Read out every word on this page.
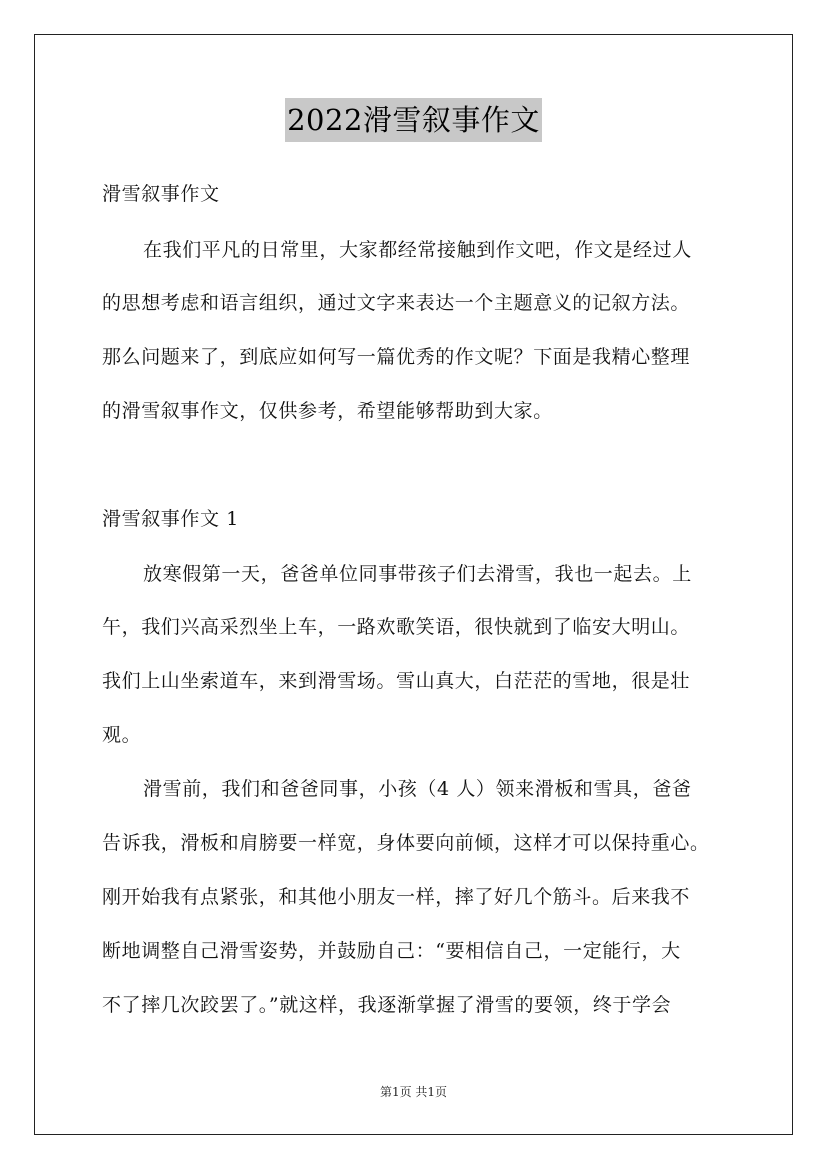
2022滑雪叙事作文
滑雪叙事作文
在我们平凡的日常里，大家都经常接触到作文吧，作文是经过人
的思想考虑和语言组织，通过文字来表达一个主题意义的记叙方法。
那么问题来了，到底应如何写一篇优秀的作文呢？下面是我精心整理
的滑雪叙事作文，仅供参考，希望能够帮助到大家。
滑雪叙事作文 1
放寒假第一天，爸爸单位同事带孩子们去滑雪，我也一起去。上
午，我们兴高采烈坐上车，一路欢歌笑语，很快就到了临安大明山。
我们上山坐索道车，来到滑雪场。雪山真大，白茫茫的雪地，很是壮
观。
滑雪前，我们和爸爸同事，小孩（4 人）领来滑板和雪具，爸爸
告诉我，滑板和肩膀要一样宽，身体要向前倾，这样才可以保持重心。
刚开始我有点紧张，和其他小朋友一样，摔了好几个筋斗。后来我不
断地调整自己滑雪姿势，并鼓励自己：“要相信自己，一定能行，大
不了摔几次跤罢了。”就这样，我逐渐掌握了滑雪的要领，终于学会
第1页 共1页
